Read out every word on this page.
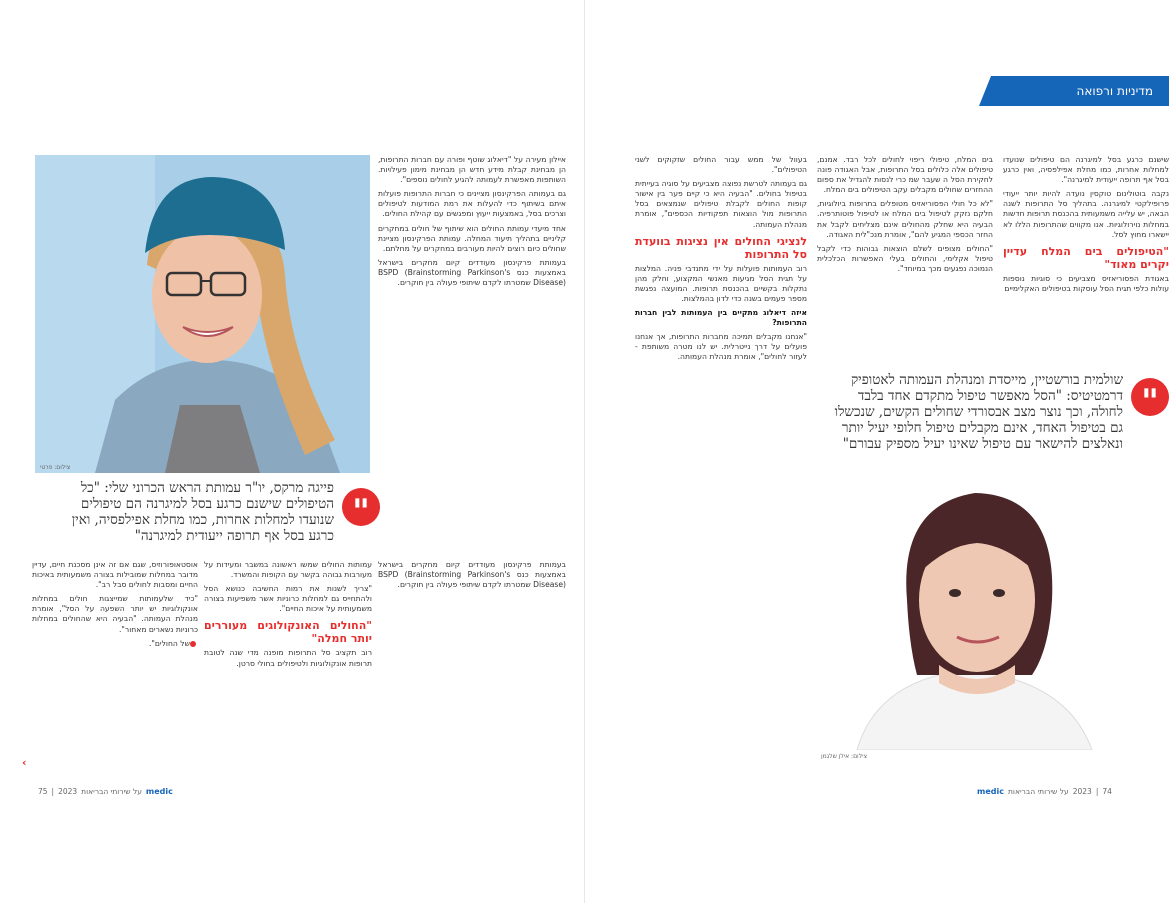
איילון מעירה על "דיאלוג שוטף ופורה עם חברות התרופות, הן מבחינת קבלת מידע חדש הן מבחינת מימון פעילויות. השותפות מאפשרת לעמותה להגיע לחולים נוספים".

גם בעמותה הפרקינסון מציינים כי חברות התרופות פועלות איתם בשיתוף כדי להעלות את רמת המודעות לטיפולים וצרכים בסל, באמצעות ייעוץ ומפגשים עם קהילת החולים.

אחד מיעדי עמותת החולים הוא שיתוף של חולים במחקרים קליניים בתהליך תיעוד המחלה. עמותת הפרקינסון מציינת שחולים כיום רוצים להיות מעורבים במחקרים על מחלתם.

בעמותת פרקינסון מעודדים קיום מחקרים בישראל באמצעות כנס BSPD (Brainstorming Parkinson's Disease) שמטרתו לקדם שיתופי פעולה בין חוקרים.

צילום: פרטי
"
פייגה מרקס, יו"ר עמותת הראש הכרוני שלי: "כל הטיפולים שישנם כרגע בסל למיגרנה הם טיפולים שנועדו למחלות אחרות, כמו מחלת אפילפסיה, ואין כרגע בסל אף תרופה ייעודית למיגרנה"

בעמותת פרקינסון מעודדים קיום מחקרים בישראל באמצעות כנס BSPD (Brainstorming Parkinson's Disease) שמטרתו לקדם שיתופי פעולה בין חוקרים.

עמותות החולים שמשו ראשונה במשבר ומעידות על מעורבות גבוהה בקשר עם הקופות והמשרד.

"צריך לשנות את רמות החשיבה כנושא הסל ולהתחייס גם למחלות כרוניות אשר משפיעות בצורה משמעותית על איכות החיים".

"החולים האונקולוגים מעוררים יותר חמלה"

רוב תקציב סל התרופות מופנה מדי שנה לטובת תרופות אונקולוגיות ולטיפולים בחולי סרטן.

אוסטאופורוזיס, שגם אם זה אינן מסכנת חיים, עדיין מדובר במחלות שמובילות בצורה משמעותית באיכות החיים ומסבות לחולים סבל רב".

"כיד שלעמותות שמייצגות חולים במחלות אונקולוגיות יש יותר השפעה על הסל", אומרת מנהלת העמותה. "הבעיה היא שהחולים במחלות כרוניות נשארים מאחור".

של החולים".

‹
75 | 2023 על שירותי הבריאות medic
מדיניות ורפואה

שישנם כרגע בסל למיגרנה הם טיפולים שנועדו למחלות אחרות, כמו מחלת אפילפסיה, ואין כרגע בסל אף תרופה ייעודית למיגרנה".

נקבה בוטולינום טוקסין נועדה להיות יותר ייעודי פרופילקטי למיגרנה. בתהליך סל התרופות לשנה הבאה, יש עלייה משמעותית בהכנסת תרופות חדשות במחלות נוירולוגיות. אנו מקווים שהתרופות הללו לא יישארו מחוץ לסל.

"הטיפולים בים המלח עדיין יקרים מאוד"

באגודת הפסוריאזיס מצביעים כי סוגיות נוספות עולות כלפי תגית הסל עוסקות בטיפולים האקלימיים

בים המלח, טיפולי ריפוי לחולים לכל רבד. אמנם, טיפולים אלה כלולים בסל התרופות, אבל האגודה פונה לחקירת הסל ה שעבר שמ כרי לנסות להגדיל את ספום ההחזרים שחולים מקבלים עקב הטיפולים בים המלח.

"לא כל חולי הפסוריאזיס מטופלים בתרופות ביולוגיות, חלקם נזקק לטיפול בים המלח או לטיפול פוטותרפיה. הבעיה היא שחלק מהחולים אינם מצליחים לקבל את החזר הכספי המגיע להם", אומרת מנכ"לית האגודה.

"החולים מצופים לשלם הוצאות גבוהות כדי לקבל טיפול אקלימי, והחולים בעלי האפשרות הכלכלית הנמוכה נפגעים מכך במיוחד".

בעוול של ממש עבור החולים שזקוקים לשני הטיפולים".

גם בעמותה לטרשת נפוצה מצביעים על סוגיה בעייתית בטיפול בחולים. "הבעיה היא כי קיים פער בין אישור קופות החולים לקבלת טיפולים שנמצאים בסל התרופות מול הוצאות תפקודיות הכספים", אומרת מנהלת העמותה.

לנציגי החולים אין נציגות בוועדת סל התרופות

רוב העמותות פועלות על ידי מתנדבי פניה. המלצות על תגית הסל מגיעות מאנשי המקצוע, וחלק מהן נתקלות בקשיים בהכנסת תרופות. המועצה נפגשת מספר פעמים בשנה כדי לדון בהמלצות.

איזה דיאלוג מתקיים בין העמותות לבין חברות התרופות?

"אנחנו מקבלים תמיכה מחברות התרופות, אך אנחנו פועלים על דרך נייטרלית. יש לנו מטרה משותפת - לעזור לחולים", אומרת מנהלת העמותה.

"
שולמית בורשטיין, מייסדת ומנהלת העמותה לאטופיק דרמטיטיס: "הסל מאפשר טיפול מתקדם אחד בלבד לחולה, וכך נוצר מצב אבסורדי שחולים הקשים, שנכשלו גם בטיפול האחד, אינם מקבלים טיפול חלופי יעיל יותר ונאלצים להישאר עם טיפול שאינו יעיל מספיק עבורם"
צילום: אילן שלגמן
medic על שירותי הבריאות 2023 | 74
